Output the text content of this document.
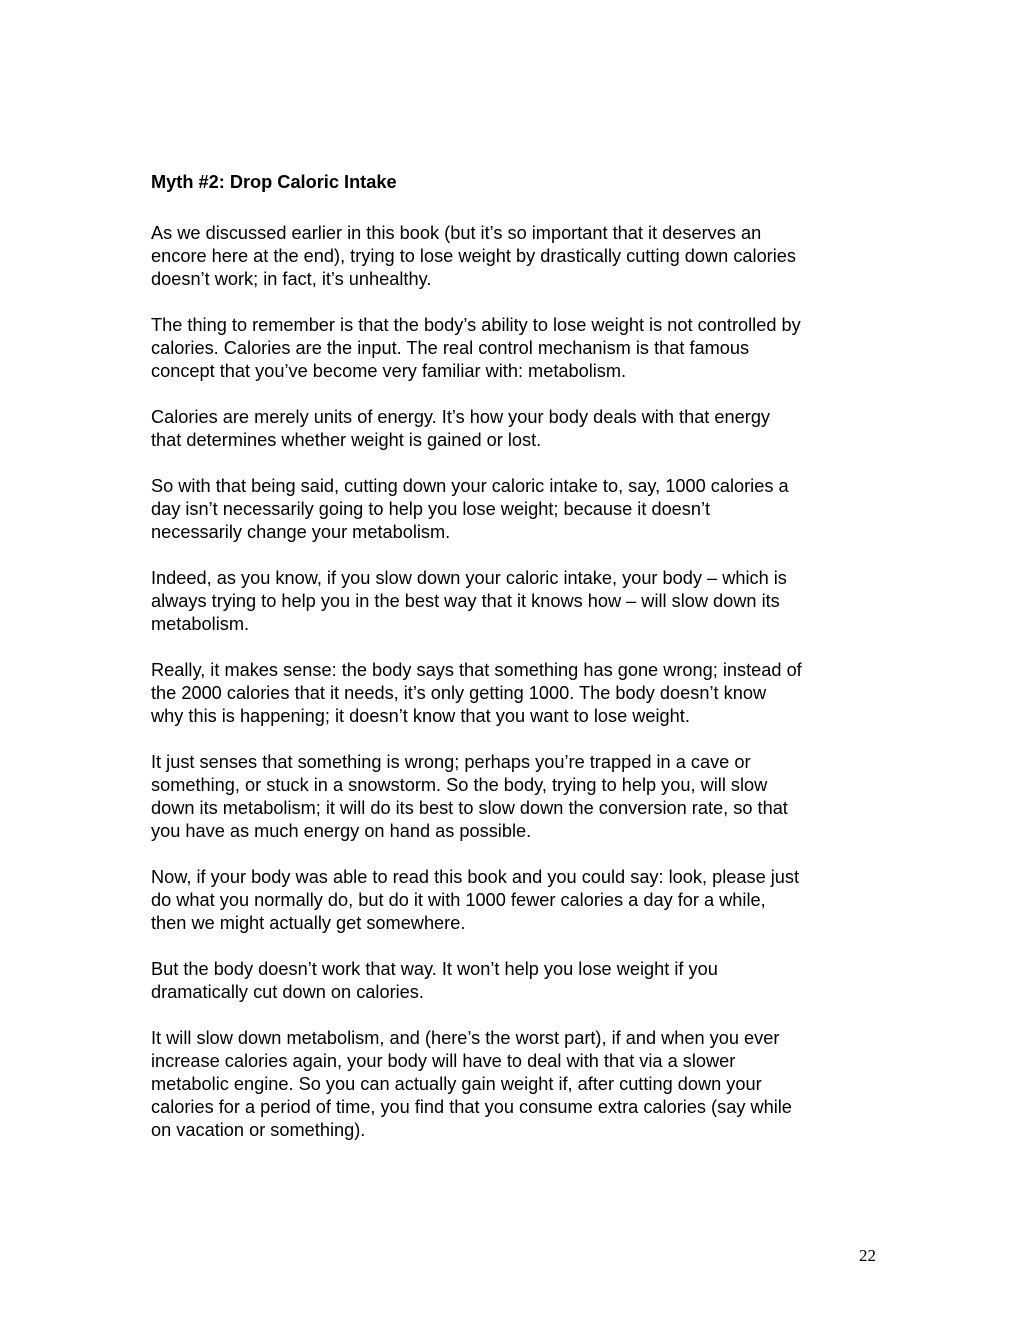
Myth #2: Drop Caloric Intake
As we discussed earlier in this book (but it’s so important that it deserves an
encore here at the end), trying to lose weight by drastically cutting down calories
doesn’t work; in fact, it’s unhealthy.
The thing to remember is that the body’s ability to lose weight is not controlled by
calories. Calories are the input. The real control mechanism is that famous
concept that you’ve become very familiar with: metabolism.
Calories are merely units of energy. It’s how your body deals with that energy
that determines whether weight is gained or lost.
So with that being said, cutting down your caloric intake to, say, 1000 calories a
day isn’t necessarily going to help you lose weight; because it doesn’t
necessarily change your metabolism.
Indeed, as you know, if you slow down your caloric intake, your body – which is
always trying to help you in the best way that it knows how – will slow down its
metabolism.
Really, it makes sense: the body says that something has gone wrong; instead of
the 2000 calories that it needs, it’s only getting 1000. The body doesn’t know
why this is happening; it doesn’t know that you want to lose weight.
It just senses that something is wrong; perhaps you’re trapped in a cave or
something, or stuck in a snowstorm. So the body, trying to help you, will slow
down its metabolism; it will do its best to slow down the conversion rate, so that
you have as much energy on hand as possible.
Now, if your body was able to read this book and you could say: look, please just
do what you normally do, but do it with 1000 fewer calories a day for a while,
then we might actually get somewhere.
But the body doesn’t work that way. It won’t help you lose weight if you
dramatically cut down on calories.
It will slow down metabolism, and (here’s the worst part), if and when you ever
increase calories again, your body will have to deal with that via a slower
metabolic engine. So you can actually gain weight if, after cutting down your
calories for a period of time, you find that you consume extra calories (say while
on vacation or something).
22
